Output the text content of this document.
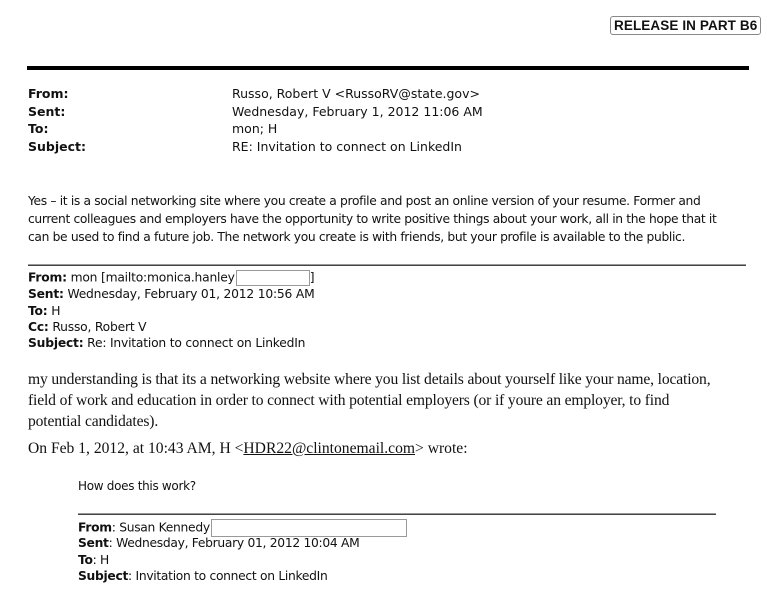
RELEASE IN PART B6
From:	Russo, Robert V <RussoRV@state.gov>
Sent:	Wednesday, February 1, 2012 11:06 AM
To:	mon; H
Subject:	RE: Invitation to connect on LinkedIn
Yes – it is a social networking site where you create a profile and post an online version of your resume. Former and
current colleagues and employers have the opportunity to write positive things about your work, all in the hope that it
can be used to find a future job. The network you create is with friends, but your profile is available to the public.
From: mon [mailto:monica.hanley	]
Sent: Wednesday, February 01, 2012 10:56 AM
To: H
Cc: Russo, Robert V
Subject: Re: Invitation to connect on LinkedIn
my understanding is that its a networking website where you list details about yourself like your name, location,
field of work and education in order to connect with potential employers (or if youre an employer, to find
potential candidates).
On Feb 1, 2012, at 10:43 AM, H <HDR22@clintonemail.com> wrote:
How does this work?
From: Susan Kennedy
Sent: Wednesday, February 01, 2012 10:04 AM
To: H
Subject: Invitation to connect on LinkedIn
